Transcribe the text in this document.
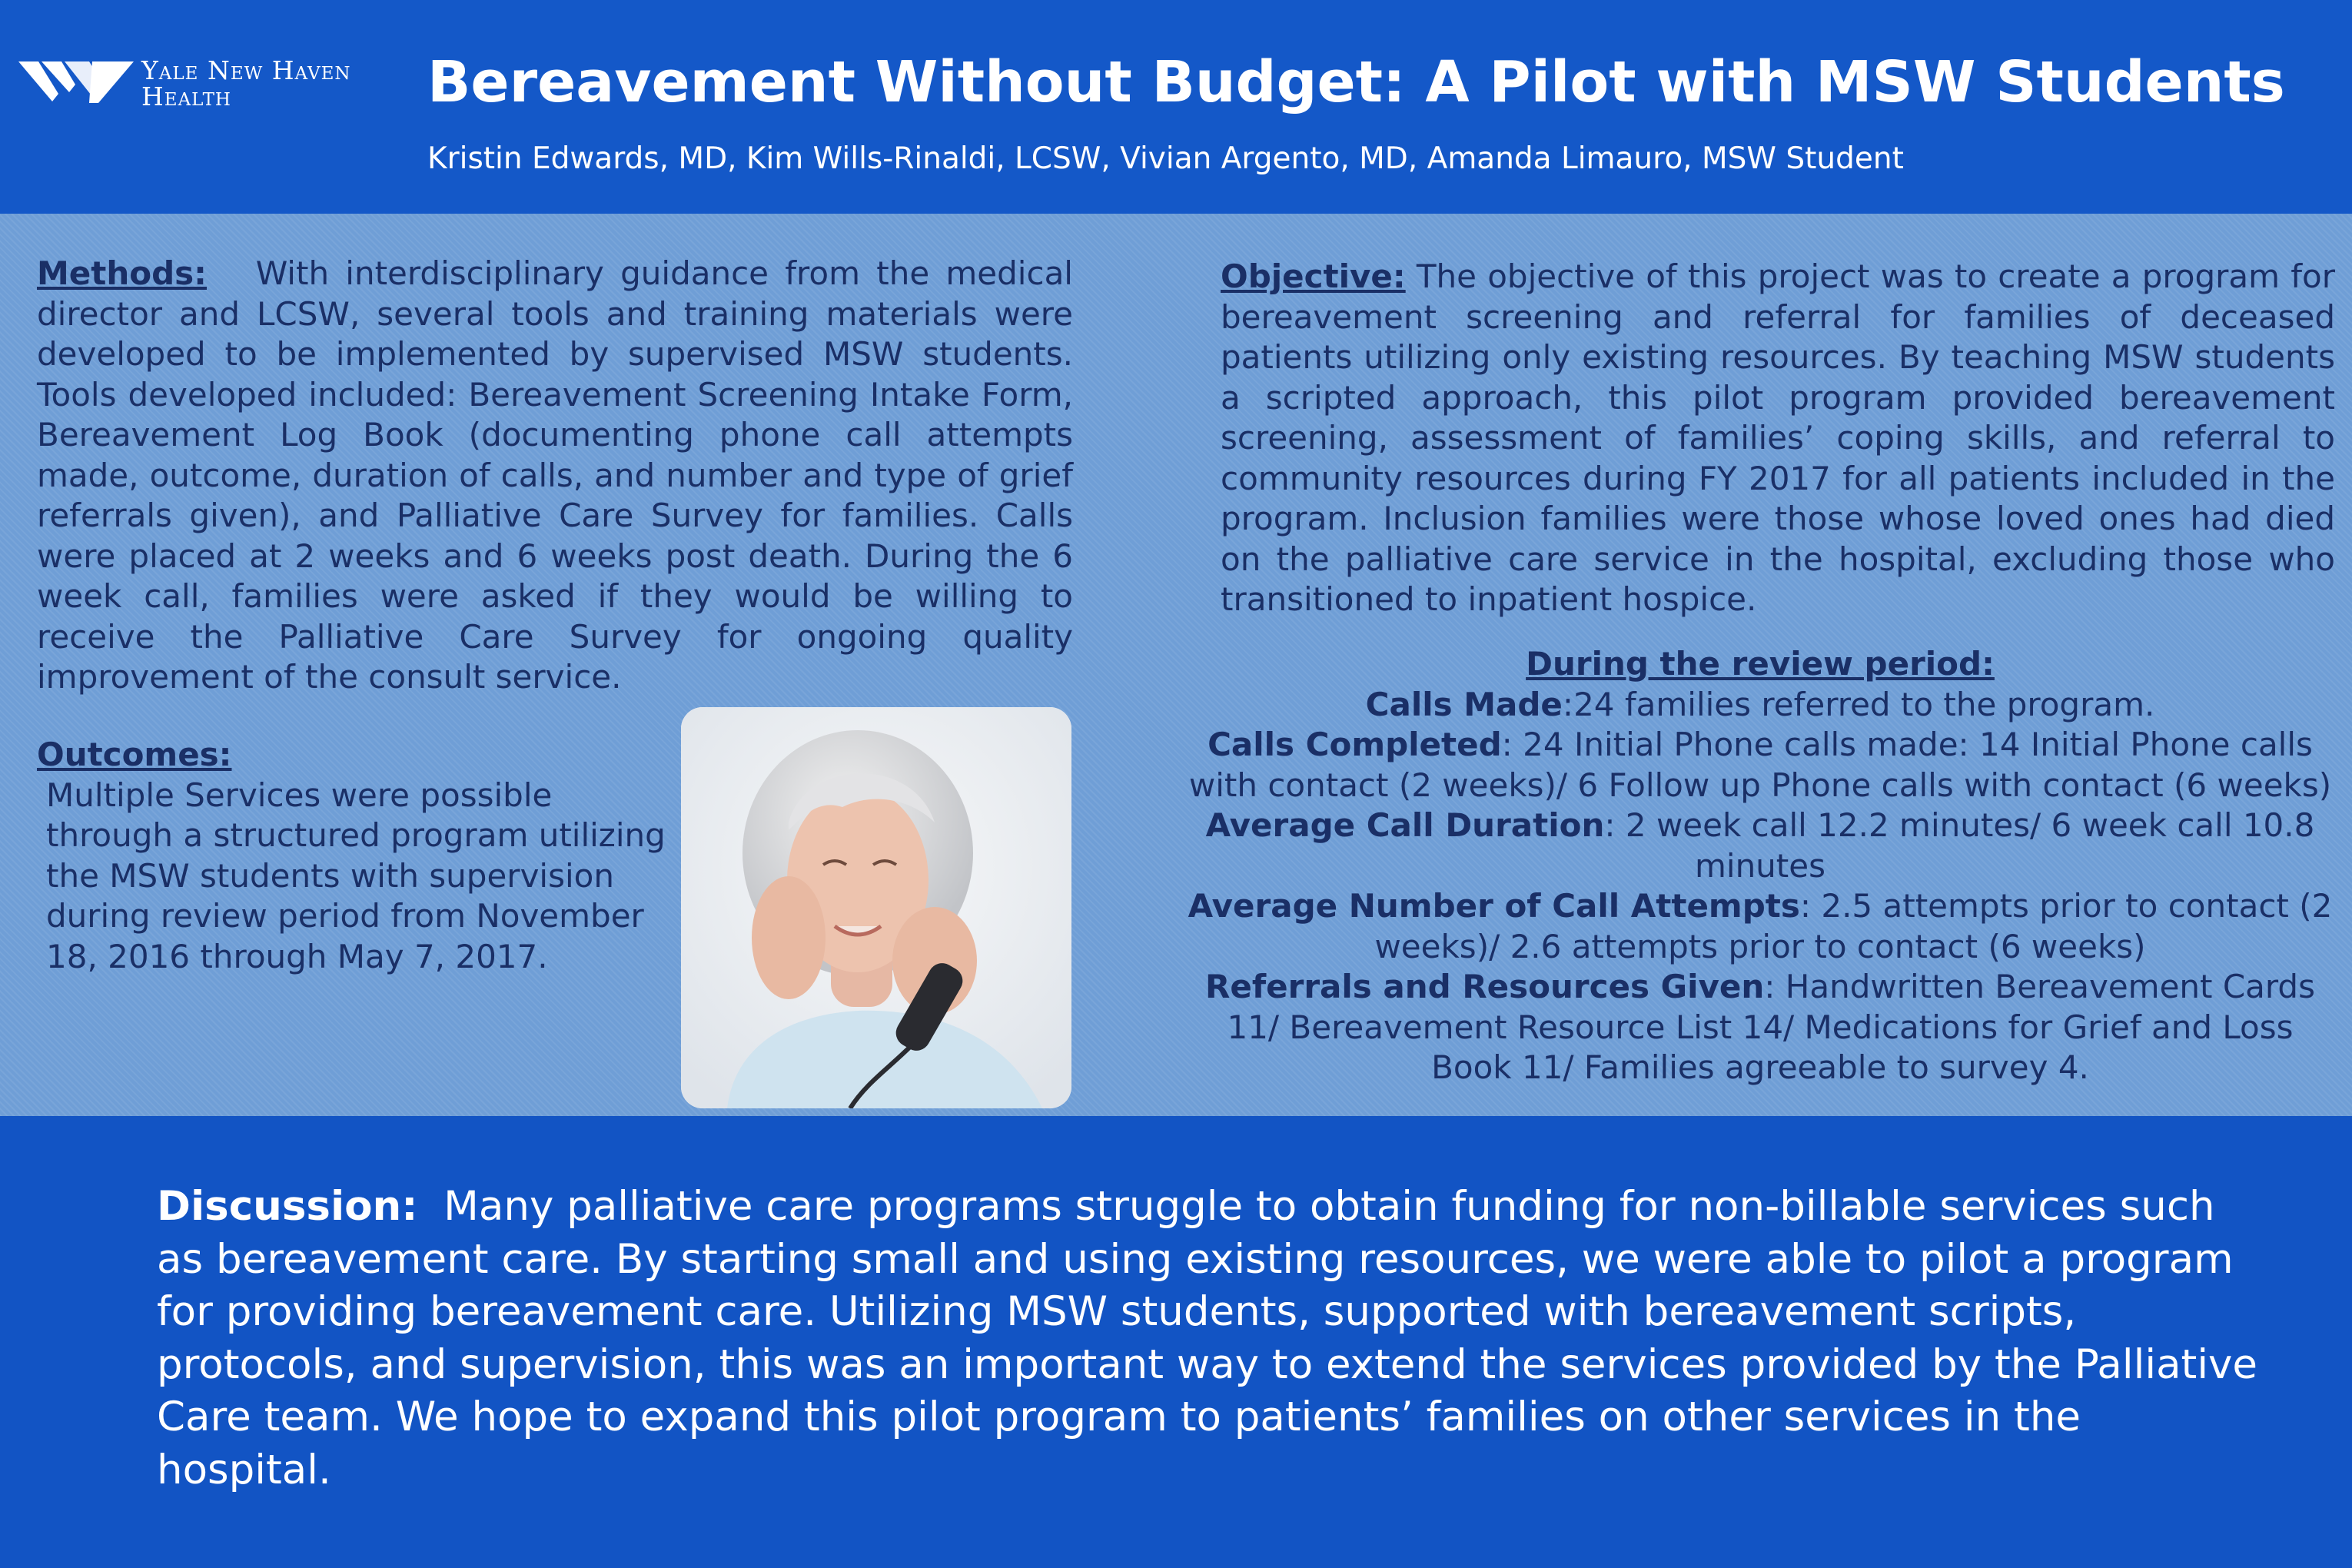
Yale New Haven
Health	Bereavement Without Budget: A Pilot with MSW Students
Kristin Edwards, MD, Kim Wills-Rinaldi, LCSW, Vivian Argento, MD, Amanda Limauro, MSW Student

Methods: With interdisciplinary guidance from the medical director and LCSW, several tools and training materials were developed to be implemented by supervised MSW students. Tools developed included: Bereavement Screening Intake Form, Bereavement Log Book (documenting phone call attempts made, outcome, duration of calls, and number and type of grief referrals given), and Palliative Care Survey for families. Calls were placed at 2 weeks and 6 weeks post death. During the 6 week call, families were asked if they would be willing to receive the Palliative Care Survey for ongoing quality improvement of the consult service.

Outcomes:
Multiple Services were possible through a structured program utilizing the MSW students with supervision during review period from November 18, 2016 through May 7, 2017.

Objective: The objective of this project was to create a program for bereavement screening and referral for families of deceased patients utilizing only existing resources. By teaching MSW students a scripted approach, this pilot program provided bereavement screening, assessment of families’ coping skills, and referral to community resources during FY 2017 for all patients included in the program. Inclusion families were those whose loved ones had died on the palliative care service in the hospital, excluding those who transitioned to inpatient hospice.

During the review period:
Calls Made:24 families referred to the program.
Calls Completed: 24 Initial Phone calls made: 14 Initial Phone calls with contact (2 weeks)/ 6 Follow up Phone calls with contact (6 weeks)
Average Call Duration: 2 week call 12.2 minutes/ 6 week call 10.8 minutes
Average Number of Call Attempts: 2.5 attempts prior to contact (2 weeks)/ 2.6 attempts prior to contact (6 weeks)
Referrals and Resources Given: Handwritten Bereavement Cards 11/ Bereavement Resource List 14/ Medications for Grief and Loss Book 11/ Families agreeable to survey 4.

Discussion: Many palliative care programs struggle to obtain funding for non-billable services such as bereavement care. By starting small and using existing resources, we were able to pilot a program for providing bereavement care. Utilizing MSW students, supported with bereavement scripts, protocols, and supervision, this was an important way to extend the services provided by the Palliative Care team. We hope to expand this pilot program to patients’ families on other services in the hospital.
